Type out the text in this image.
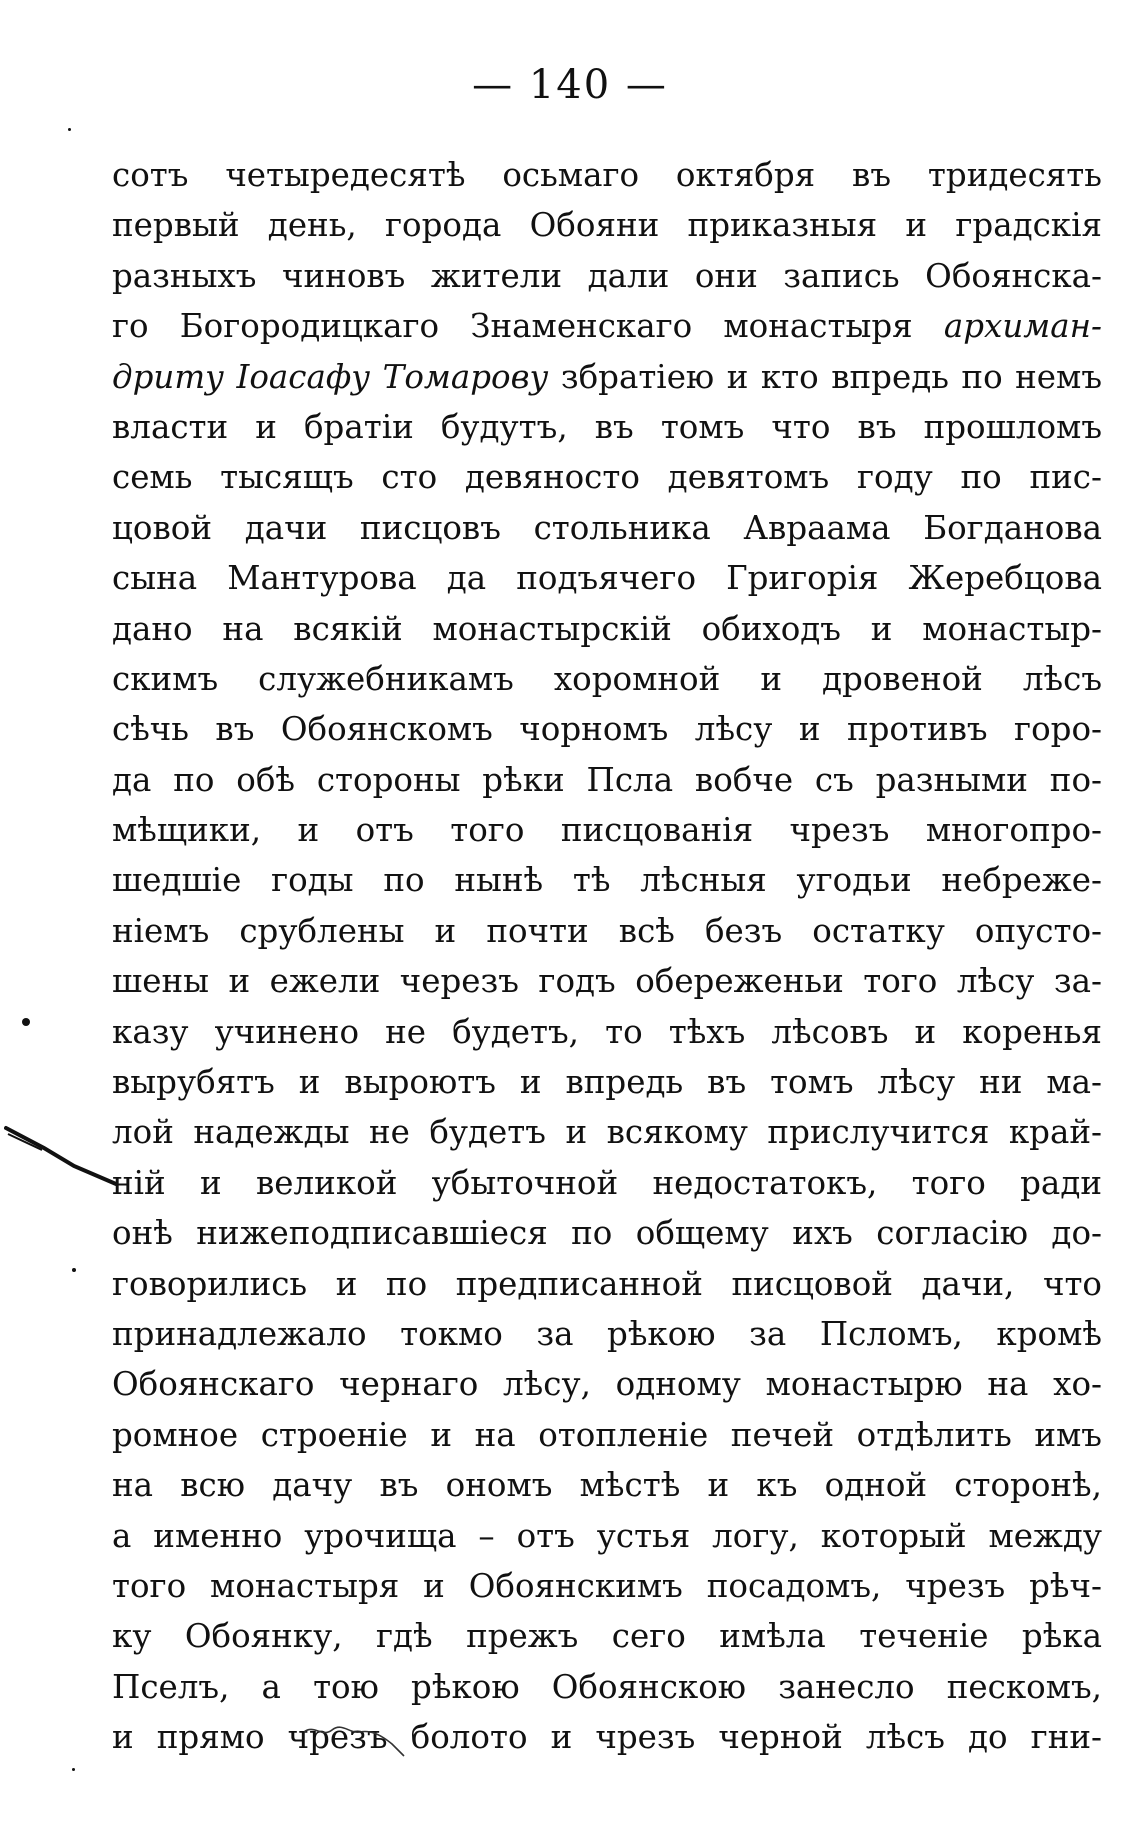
— 140 —
сотъ четыредесятѣ осьмаго октября въ тридесять
первый день, города Обояни приказныя и градскія
разныхъ чиновъ жители дали они запись Обоянска-
го Богородицкаго Знаменскаго монастыря архиман-
дриту Іоасафу Томарову збратіею и кто впредь по немъ
власти и братіи будутъ, въ томъ что въ прошломъ
семь тысящъ сто девяносто девятомъ году по пис-
цовой дачи писцовъ стольника Авраама Богданова
сына Мантурова да подъячего Григорія Жеребцова
дано на всякій монастырскій обиходъ и монастыр-
скимъ служебникамъ хоромной и дровеной лѣсъ
сѣчь въ Обоянскомъ чорномъ лѣсу и противъ горо-
да по обѣ стороны рѣки Псла вобче съ разными по-
мѣщики, и отъ того писцованія чрезъ многопро-
шедшіе годы по нынѣ тѣ лѣсныя угодьи небреже-
ніемъ срублены и почти всѣ безъ остатку опусто-
шены и ежели черезъ годъ обереженьи того лѣсу за-
казу учинено не будетъ, то тѣхъ лѣсовъ и коренья
вырубятъ и выроютъ и впредь въ томъ лѣсу ни ма-
лой надежды не будетъ и всякому прислучится край-
ній и великой убыточной недостатокъ, того ради
онѣ нижеподписавшіеся по общему ихъ согласію до-
говорились и по предписанной писцовой дачи, что
принадлежало токмо за рѣкою за Псломъ, кромѣ
Обоянскаго чернаго лѣсу, одному монастырю на хо-
ромное строеніе и на отопленіе печей отдѣлить имъ
на всю дачу въ ономъ мѣстѣ и къ одной сторонѣ,
а именно урочища – отъ устья логу, который между
того монастыря и Обоянскимъ посадомъ, чрезъ рѣч-
ку Обоянку, гдѣ прежъ сего имѣла теченіе рѣка
Пселъ, а тою рѣкою Обоянскою занесло пескомъ,
и прямо чрезъ болото и чрезъ черной лѣсъ до гни-
